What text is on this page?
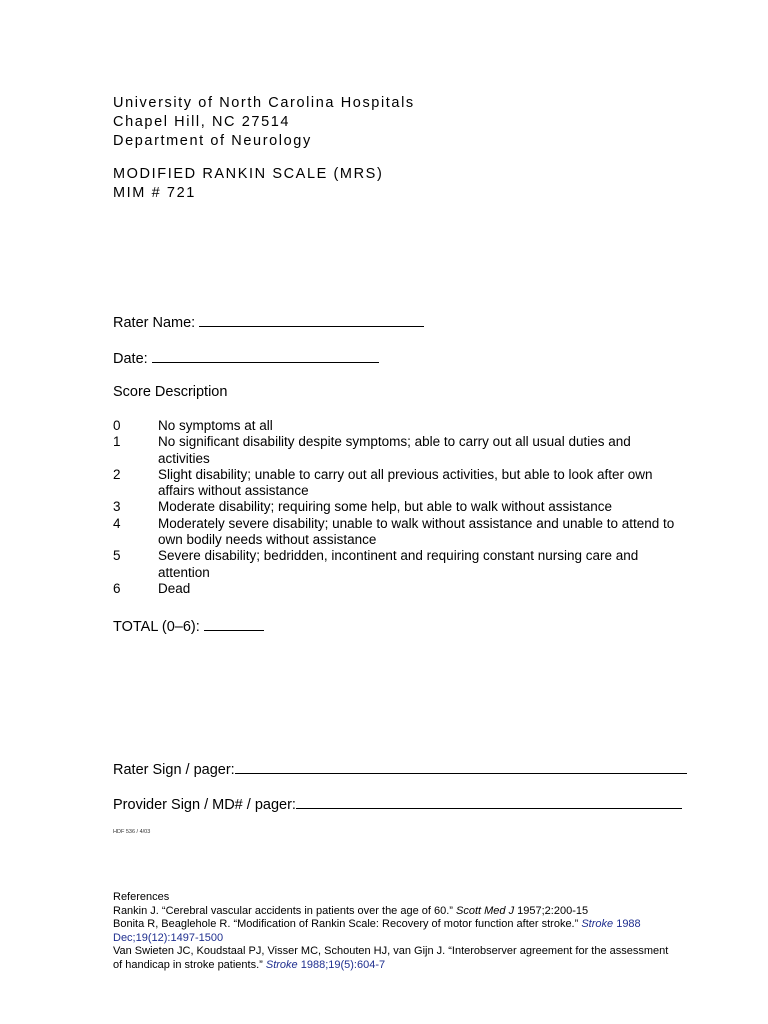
University of North Carolina Hospitals
Chapel Hill, NC 27514
Department of Neurology
MODIFIED RANKIN SCALE (MRS)
MIM # 721
Rater Name:
Date:
Score Description
0	No symptoms at all
1	No significant disability despite symptoms; able to carry out all usual duties and
activities
2	Slight disability; unable to carry out all previous activities, but able to look after own
affairs without assistance
3	Moderate disability; requiring some help, but able to walk without assistance
4	Moderately severe disability; unable to walk without assistance and unable to attend to
own bodily needs without assistance
5	Severe disability; bedridden, incontinent and requiring constant nursing care and
attention
6	Dead
TOTAL (0–6):
Rater Sign / pager:
Provider Sign / MD# / pager:
HDF 536 / 4/03
References
Rankin J. “Cerebral vascular accidents in patients over the age of 60.” Scott Med J 1957;2:200-15
Bonita R, Beaglehole R. “Modification of Rankin Scale: Recovery of motor function after stroke.” Stroke 1988
Dec;19(12):1497-1500
Van Swieten JC, Koudstaal PJ, Visser MC, Schouten HJ, van Gijn J. “Interobserver agreement for the assessment
of handicap in stroke patients.” Stroke 1988;19(5):604-7
